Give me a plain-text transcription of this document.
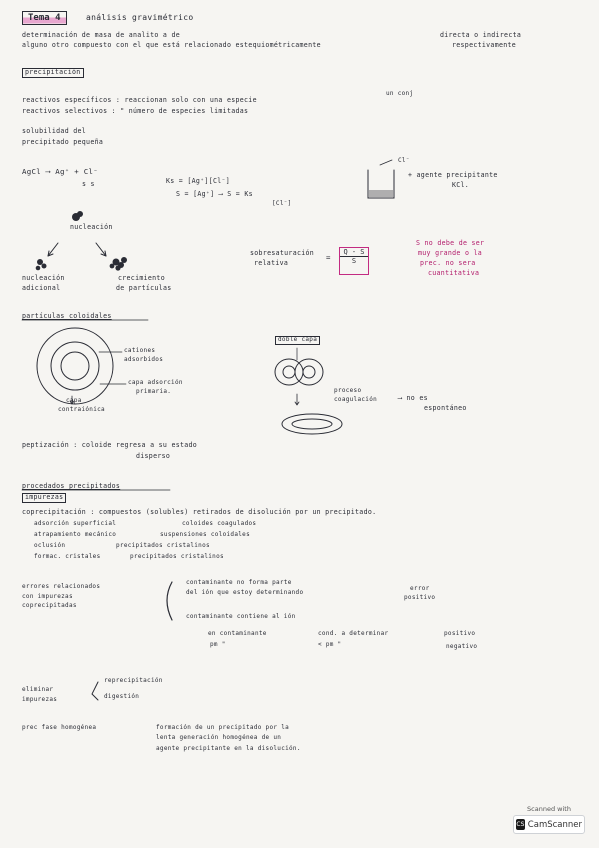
Tema 4	análisis gravimétrico
determinación de masa de analito a de
alguno otro compuesto con el que está relacionado estequiométricamente
directa o indirecta
respectivamente
precipitación
reactivos específicos : reaccionan solo con una especie
un conj
reactivos selectivos : " número de especies limitadas
solubilidad del
precipitado pequeña
AgCl ⟶ Ag⁺ + Cl⁻
s s	Ks = [Ag⁺][Cl⁻]
S = [Ag⁺] ⟶ S = Ks
[Cl⁻]
Cl⁻
+ agente precipitante
KCl.
nucleación
nucleación
adicional
crecimiento
de partículas
sobresaturación
relativa
= $\frac{Q - S}{S}$
S no debe de ser
muy grande o la
prec. no sera
cuantitativa
partículas coloidales
cationes
adsorbidos
capa adsorción
primaria.
capa
contraiónica
doble capa
proceso
coagulación	⟶ no es
espontáneo
peptización : coloide regresa a su estado
disperso
procedados precipitados
impurezas
coprecipitación : compuestos (solubles) retirados de disolución por un precipitado.
adsorción superficial	coloides coagulados
atrapamiento mecánico	suspensiones coloidales
oclusión	precipitados cristalinos
formac. cristales	precipitados cristalinos
errores relacionados
con impurezas
coprecipitadas
contaminante no forma parte
del ión que estoy determinando
error
positivo
contaminante contiene al ión
en contaminante	cond. a determinar	positivo
pm "	< pm "	negativo
eliminar
impurezas
reprecipitación
digestión
prec fase homogénea	formación de un precipitado por la
lenta generación homogénea de un
agente precipitante en la disolución.
Scanned with
CS CamScanner
